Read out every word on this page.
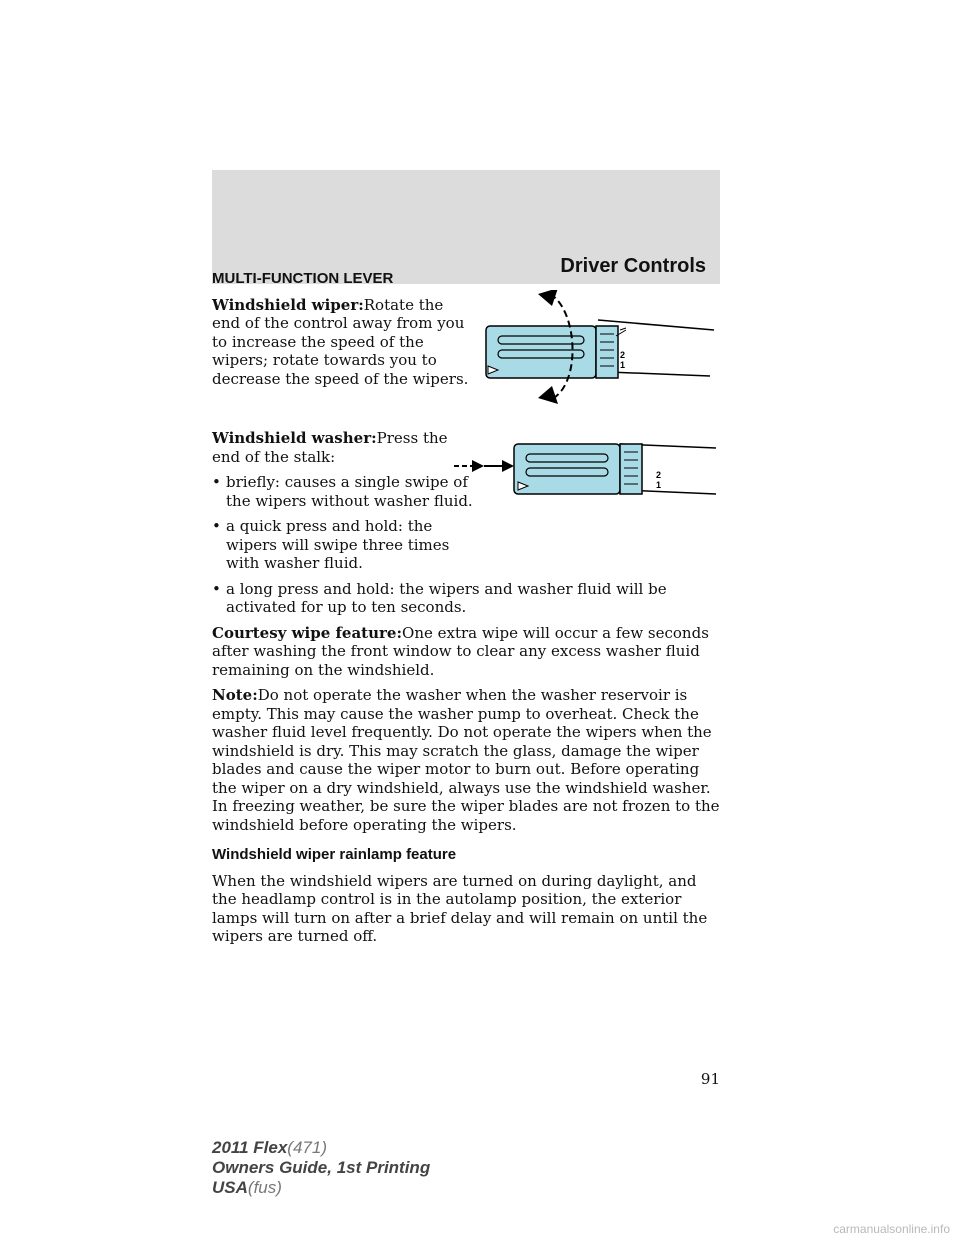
Driver Controls
MULTI-FUNCTION LEVER

Windshield wiper:Rotate the end of the control away from you to increase the speed of the wipers; rotate towards you to decrease the speed of the wipers.

Windshield washer:Press the end of the stalk:

• briefly: causes a single swipe of the wipers without washer fluid.
• a quick press and hold: the wipers will swipe three times with washer fluid.
• a long press and hold: the wipers and washer fluid will be activated for up to ten seconds.

Courtesy wipe feature:One extra wipe will occur a few seconds after washing the front window to clear any excess washer fluid remaining on the windshield.

Note:Do not operate the washer when the washer reservoir is empty. This may cause the washer pump to overheat. Check the washer fluid level frequently. Do not operate the wipers when the windshield is dry. This may scratch the glass, damage the wiper blades and cause the wiper motor to burn out. Before operating the wiper on a dry windshield, always use the windshield washer. In freezing weather, be sure the wiper blades are not frozen to the windshield before operating the wipers.

Windshield wiper rainlamp feature

When the windshield wipers are turned on during daylight, and the headlamp control is in the autolamp position, the exterior lamps will turn on after a brief delay and will remain on until the wipers are turned off.

2
1
2
1
91
2011 Flex(471)
Owners Guide, 1st Printing
USA(fus)
carmanualsonline.info
